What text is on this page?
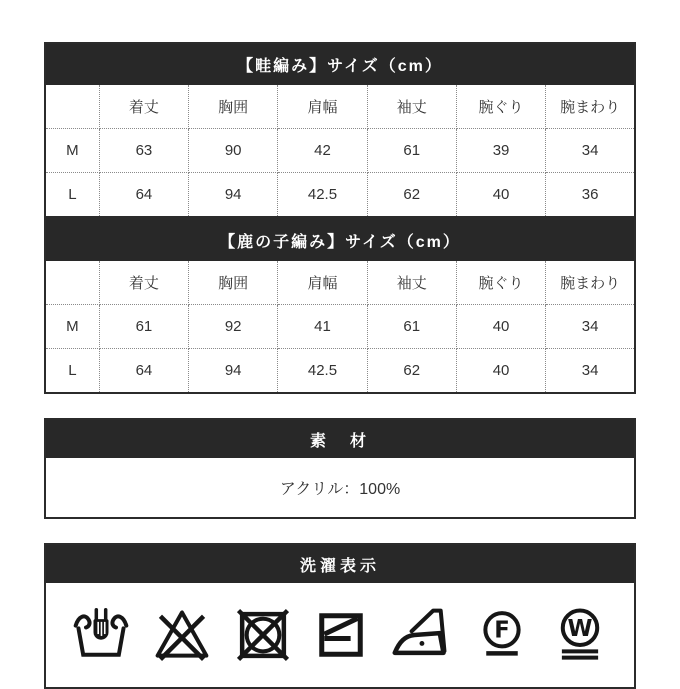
【畦編み】サイズ（cm）						
	着丈	胸囲	肩幅	袖丈	腕ぐり	腕まわり
M	63	90	42	61	39	34
L	64	94	42.5	62	40	36
【鹿の子編み】サイズ（cm）						
	着丈	胸囲	肩幅	袖丈	腕ぐり	腕まわり
M	61	92	41	61	40	34
L	64	94	42.5	62	40	34
素　材
アクリル：100%
洗濯表示
F W
